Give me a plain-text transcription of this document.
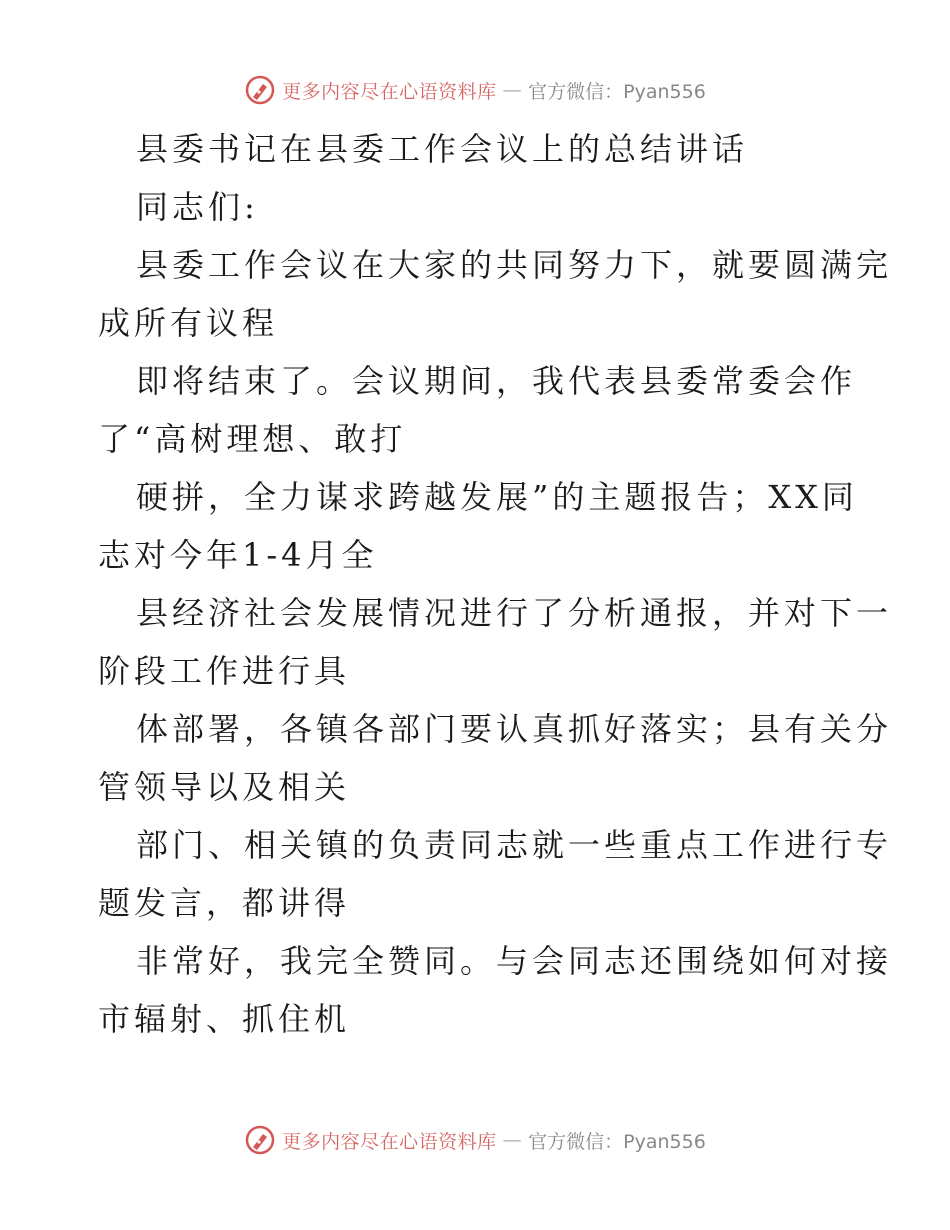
更多内容尽在心语资料库 — 官方微信：Pyan556

县委书记在县委工作会议上的总结讲话

同志们:

县委工作会议在大家的共同努力下，就要圆满完

成所有议程

即将结束了。会议期间，我代表县委常委会作

了“高树理想、敢打

硬拼，全力谋求跨越发展”的主题报告；XX同

志对今年1-4月全

县经济社会发展情况进行了分析通报，并对下一

阶段工作进行具

体部署，各镇各部门要认真抓好落实；县有关分

管领导以及相关

部门、相关镇的负责同志就一些重点工作进行专

题发言，都讲得

非常好，我完全赞同。与会同志还围绕如何对接

市辐射、抓住机

更多内容尽在心语资料库 — 官方微信：Pyan556
